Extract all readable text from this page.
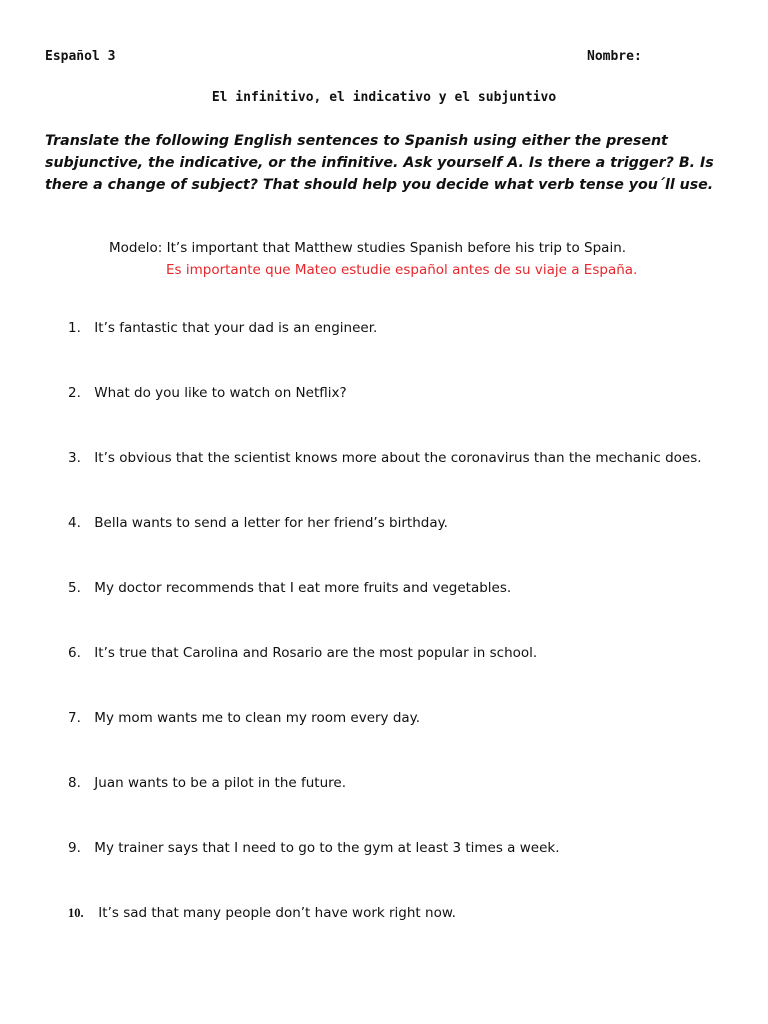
Español 3	Nombre:
El infinitivo, el indicativo y el subjuntivo
Translate the following English sentences to Spanish using either the present subjunctive, the indicative, or the infinitive. Ask yourself A. Is there a trigger? B. Is there a change of subject? That should help you decide what verb tense you´ll use.
Modelo: It’s important that Matthew studies Spanish before his trip to Spain.
Es importante que Mateo estudie español antes de su viaje a España.
1. It’s fantastic that your dad is an engineer.
2. What do you like to watch on Netflix?
3. It’s obvious that the scientist knows more about the coronavirus than the mechanic does.
4. Bella wants to send a letter for her friend’s birthday.
5. My doctor recommends that I eat more fruits and vegetables.
6. It’s true that Carolina and Rosario are the most popular in school.
7. My mom wants me to clean my room every day.
8. Juan wants to be a pilot in the future.
9. My trainer says that I need to go to the gym at least 3 times a week.
10. It’s sad that many people don’t have work right now.
